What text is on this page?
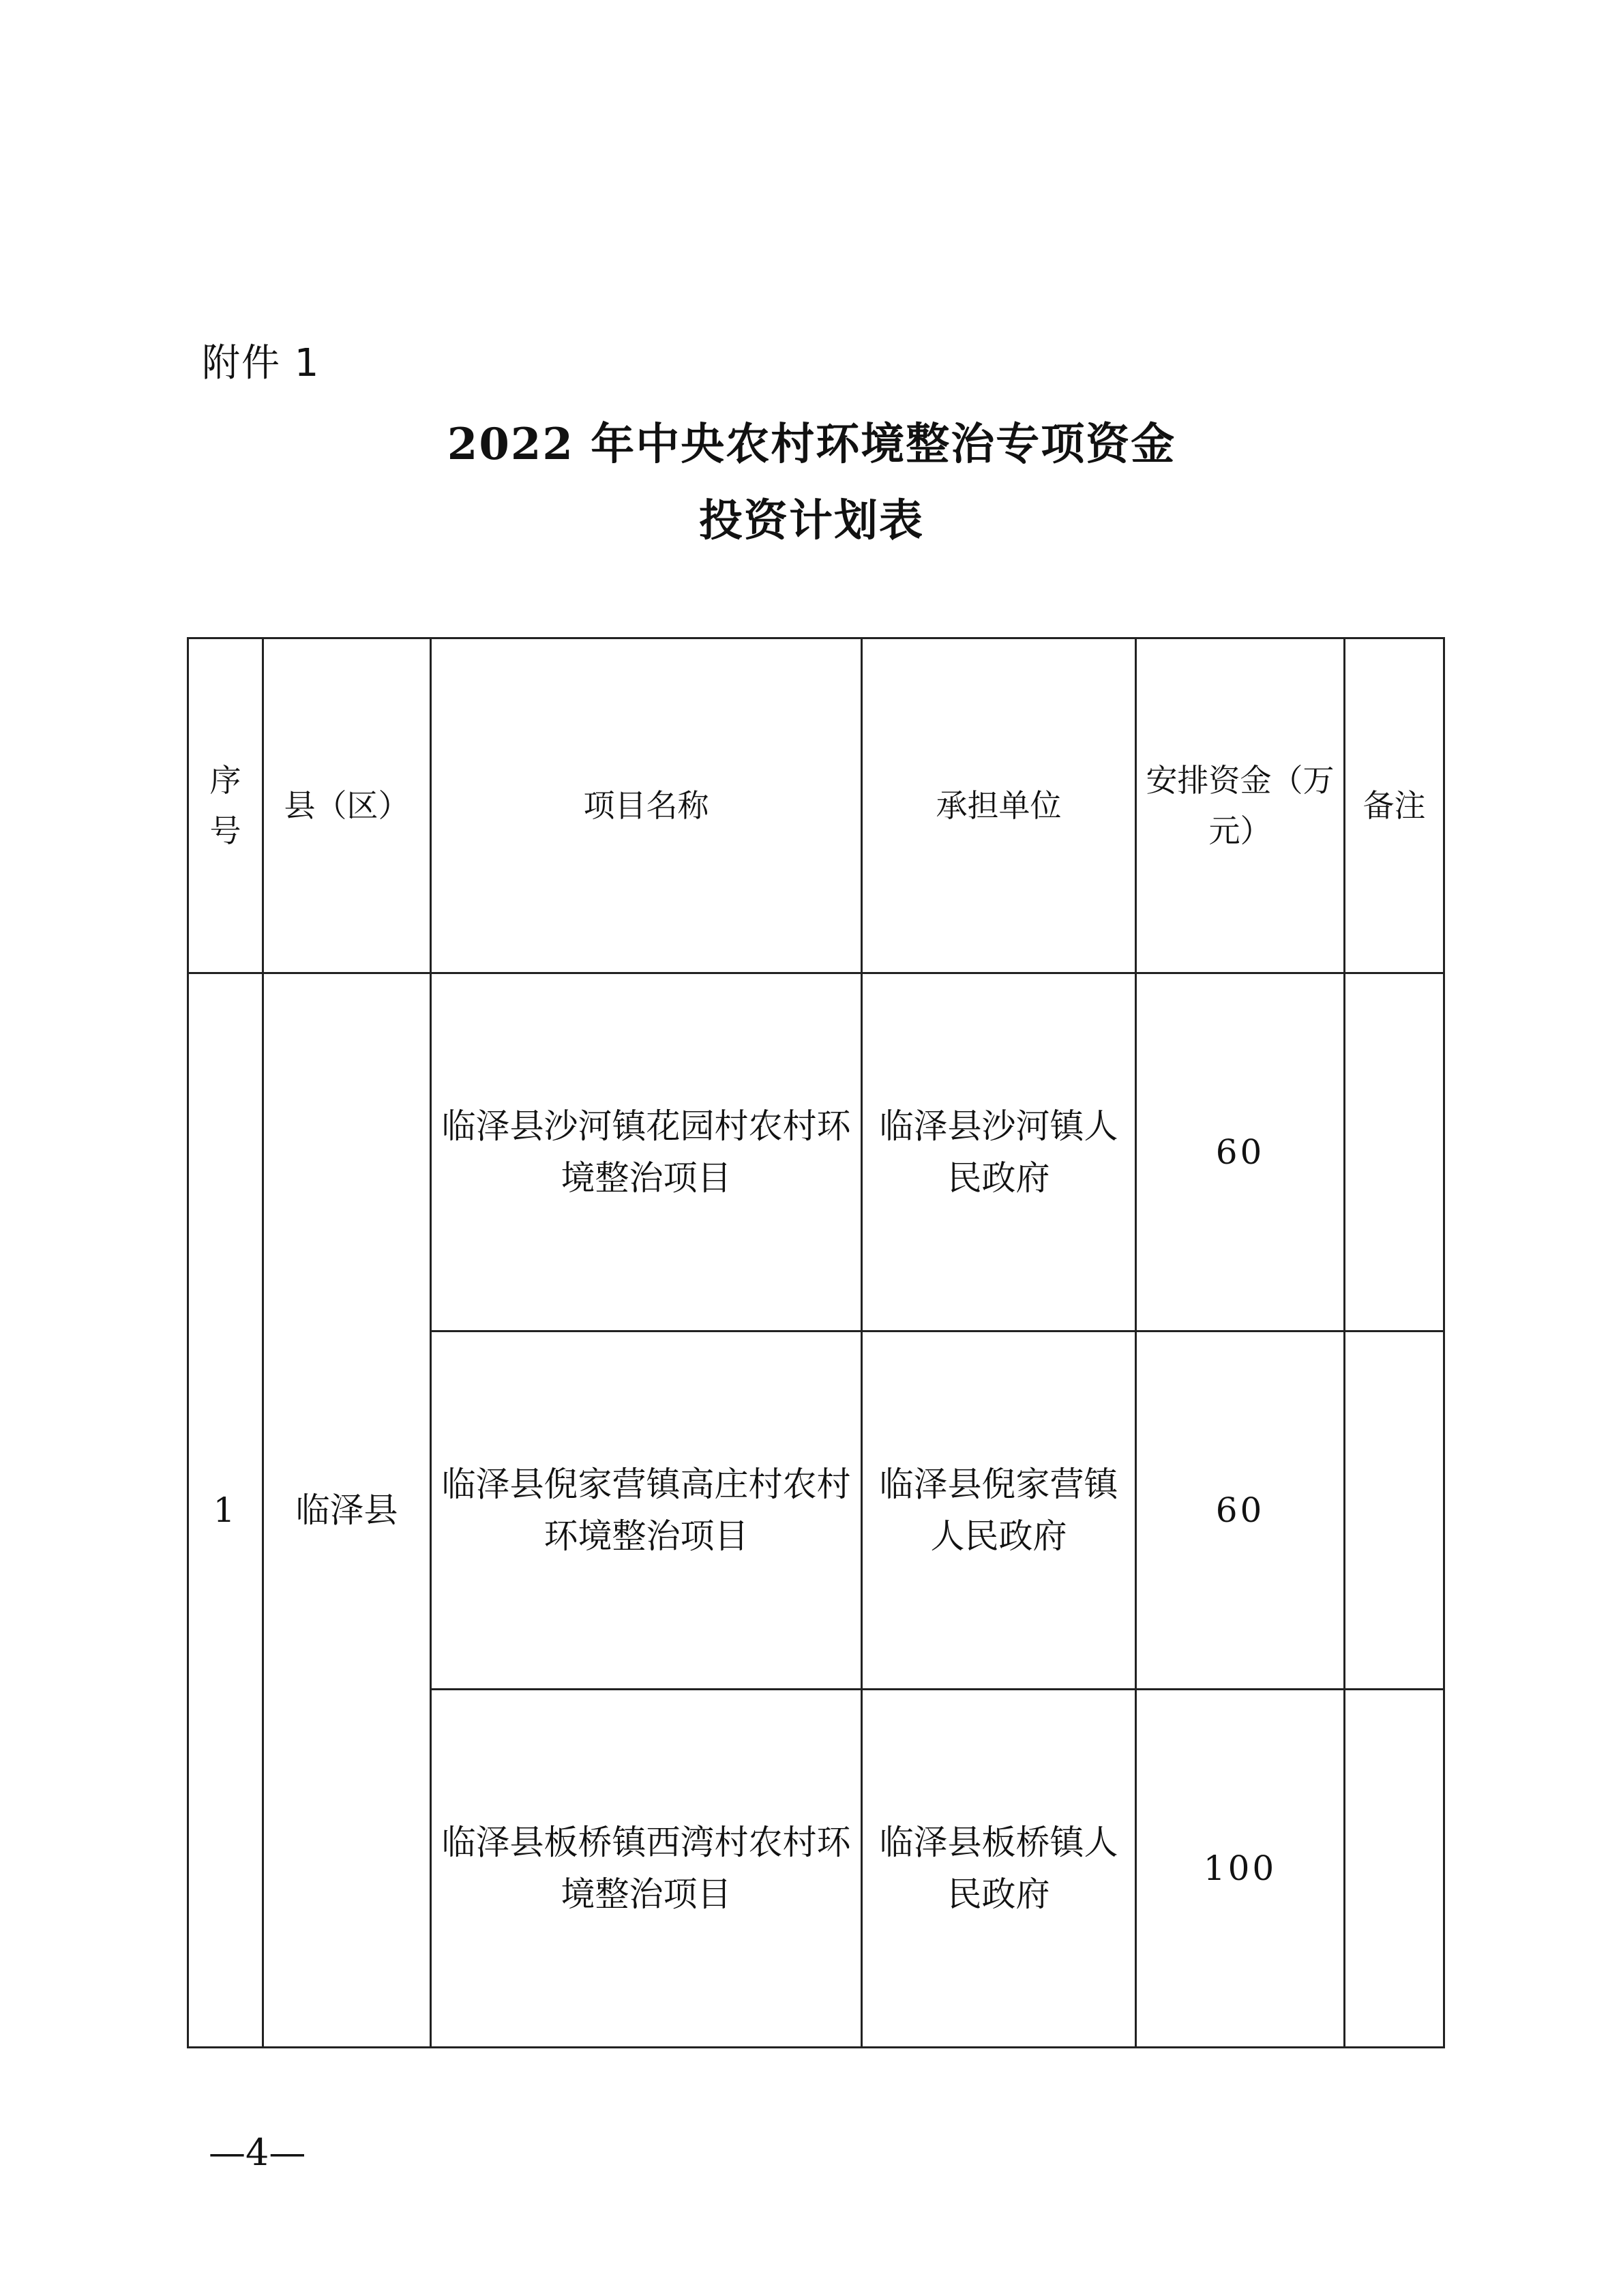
附件 1
2022 年中央农村环境整治专项资金
投资计划表
序号	县（区）	项目名称	承担单位	安排资金（万元）	备注
1	临泽县	临泽县沙河镇花园村农村环境整治项目	临泽县沙河镇人民政府	60	
		临泽县倪家营镇高庄村农村环境整治项目	临泽县倪家营镇人民政府	60	
		临泽县板桥镇西湾村农村环境整治项目	临泽县板桥镇人民政府	100	
—4—
